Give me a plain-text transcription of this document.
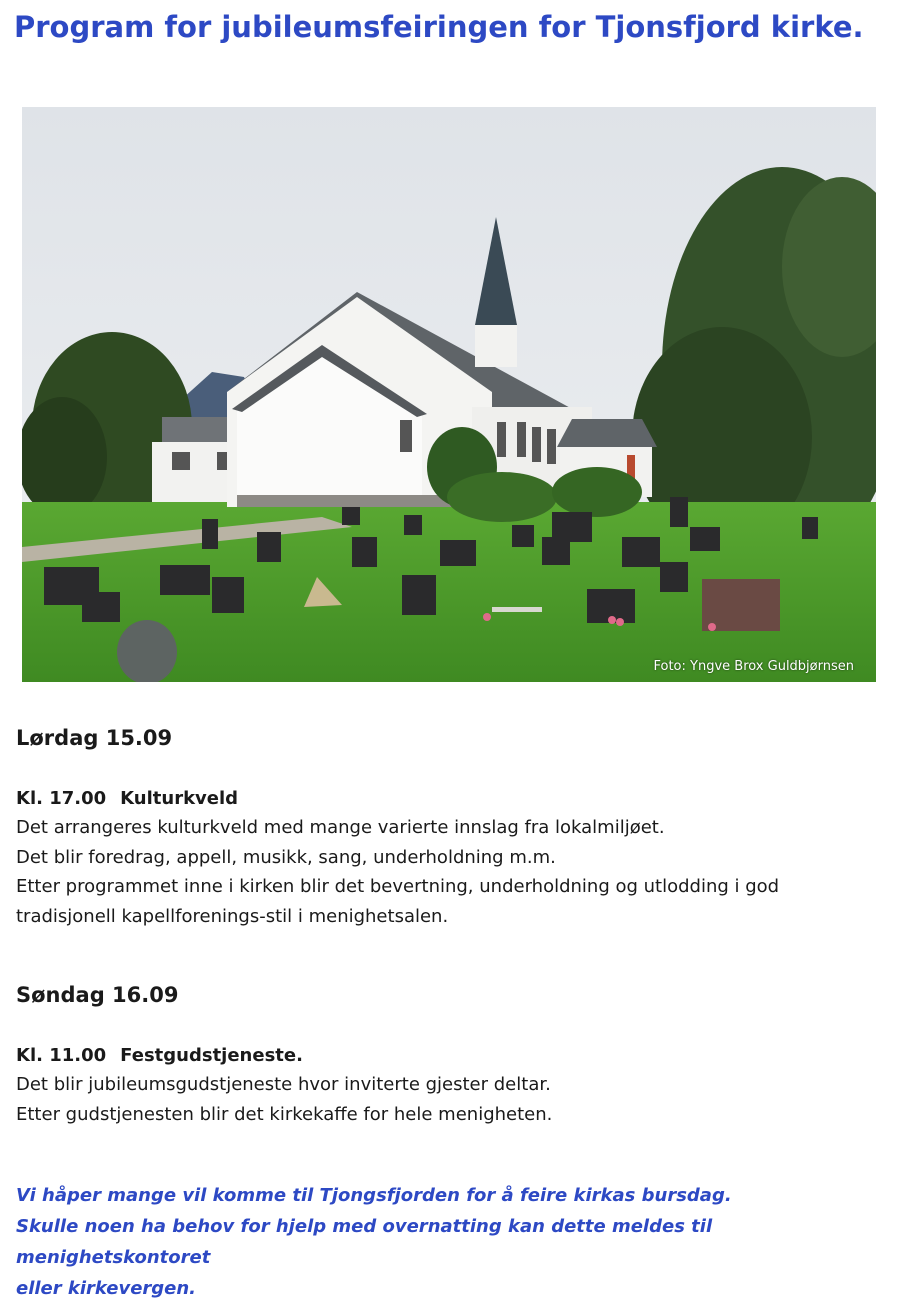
Program for jubileumsfeiringen for Tjonsfjord kirke.
Foto: Yngve Brox Guldbjørnsen
Lørdag 15.09
Kl. 17.00 Kulturkveld
Det arrangeres kulturkveld med mange varierte innslag fra lokalmiljøet.
Det blir foredrag, appell, musikk, sang, underholdning m.m.
Etter programmet inne i kirken blir det bevertning, underholdning og utlodding i god
tradisjonell kapellforenings-stil i menighetsalen.
Søndag 16.09
Kl. 11.00 Festgudstjeneste.
Det blir jubileumsgudstjeneste hvor inviterte gjester deltar.
Etter gudstjenesten blir det kirkekaffe for hele menigheten.
Vi håper mange vil komme til Tjongsfjorden for å feire kirkas bursdag.
Skulle noen ha behov for hjelp med overnatting kan dette meldes til menighetskontoret
eller kirkevergen.
